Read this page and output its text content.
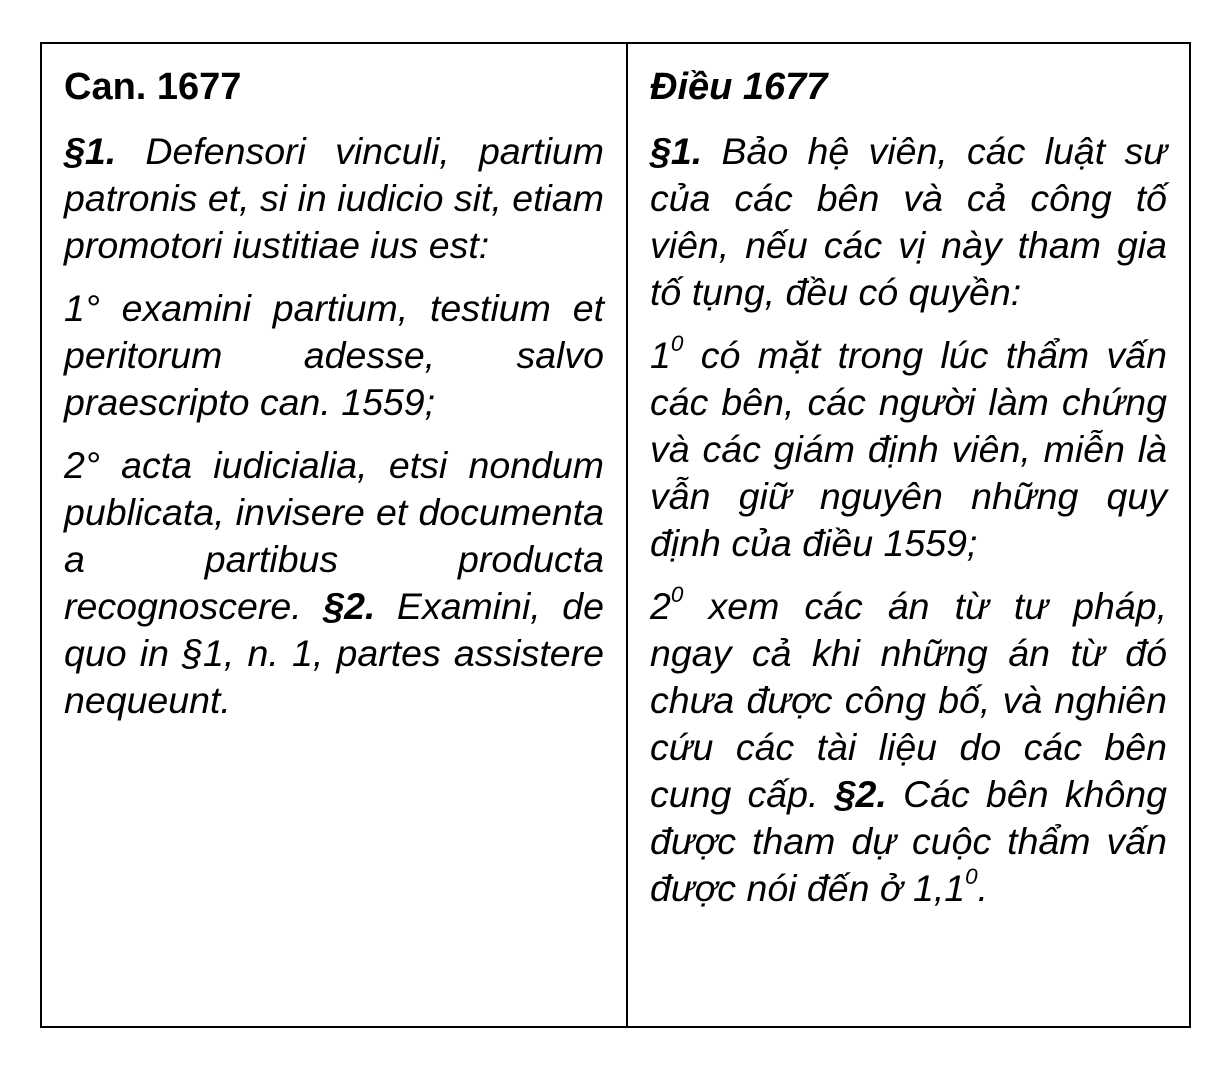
Can. 1677

§1. Defensori vinculi, partium patronis et, si in iudicio sit, etiam promotori iustitiae ius est:

1° examini partium, testium et peritorum adesse, salvo praescripto can. 1559;

2° acta iudicialia, etsi nondum publicata, invisere et documenta a partibus producta recognoscere. §2. Examini, de quo in §1, n. 1, partes assistere nequeunt.

Điều 1677

§1. Bảo hệ viên, các luật sư của các bên và cả công tố viên, nếu các vị này tham gia tố tụng, đều có quyền:

$1^0$ có mặt trong lúc thẩm vấn các bên, các người làm chứng và các giám định viên, miễn là vẫn giữ nguyên những quy định của điều 1559;

$2^0$ xem các án từ tư pháp, ngay cả khi những án từ đó chưa được công bố, và nghiên cứu các tài liệu do các bên cung cấp. §2. Các bên không được tham dự cuộc thẩm vấn được nói đến ở $1,1^0$.
